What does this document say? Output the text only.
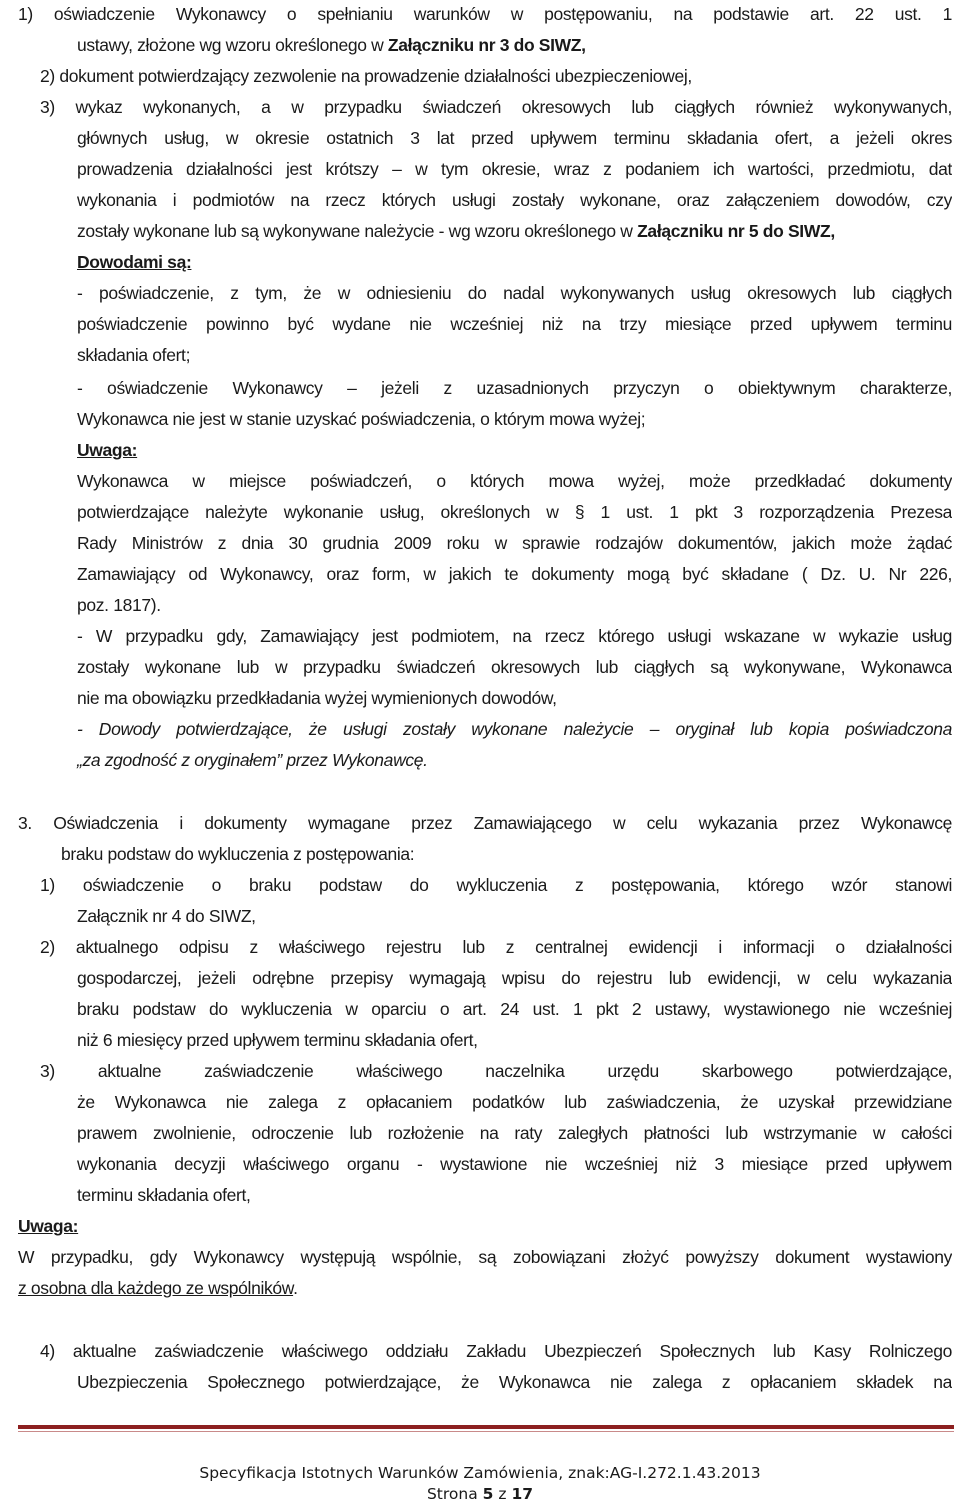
1) oświadczenie Wykonawcy o spełnianiu warunków w postępowaniu, na podstawie art. 22 ust. 1
ustawy, złożone wg wzoru określonego w Załączniku nr 3 do SIWZ,
2) dokument potwierdzający zezwolenie na prowadzenie działalności ubezpieczeniowej,
3) wykaz wykonanych, a w przypadku świadczeń okresowych lub ciągłych również wykonywanych,
głównych usług, w okresie ostatnich 3 lat przed upływem terminu składania ofert, a jeżeli okres
prowadzenia działalności jest krótszy – w tym okresie, wraz z podaniem ich wartości, przedmiotu, dat
wykonania i podmiotów na rzecz których usługi zostały wykonane, oraz załączeniem dowodów, czy
zostały wykonane lub są wykonywane należycie - wg wzoru określonego w Załączniku nr 5 do SIWZ,
Dowodami są:
- poświadczenie, z tym, że w odniesieniu do nadal wykonywanych usług okresowych lub ciągłych
poświadczenie powinno być wydane nie wcześniej niż na trzy miesiące przed upływem terminu
składania ofert;
- oświadczenie Wykonawcy – jeżeli z uzasadnionych przyczyn o obiektywnym charakterze,
Wykonawca nie jest w stanie uzyskać poświadczenia, o którym mowa wyżej;
Uwaga:
Wykonawca w miejsce poświadczeń, o których mowa wyżej, może przedkładać dokumenty
potwierdzające należyte wykonanie usług, określonych w § 1 ust. 1 pkt 3 rozporządzenia Prezesa
Rady Ministrów z dnia 30 grudnia 2009 roku w sprawie rodzajów dokumentów, jakich może żądać
Zamawiający od Wykonawcy, oraz form, w jakich te dokumenty mogą być składane ( Dz. U. Nr 226,
poz. 1817).
- W przypadku gdy, Zamawiający jest podmiotem, na rzecz którego usługi wskazane w wykazie usług
zostały wykonane lub w przypadku świadczeń okresowych lub ciągłych są wykonywane, Wykonawca
nie ma obowiązku przedkładania wyżej wymienionych dowodów,
- Dowody potwierdzające, że usługi zostały wykonane należycie – oryginał lub kopia poświadczona
„za zgodność z oryginałem” przez Wykonawcę.
3. Oświadczenia i dokumenty wymagane przez Zamawiającego w celu wykazania przez Wykonawcę
braku podstaw do wykluczenia z postępowania:
1) oświadczenie o braku podstaw do wykluczenia z postępowania, którego wzór stanowi
Załącznik nr 4 do SIWZ,
2) aktualnego odpisu z właściwego rejestru lub z centralnej ewidencji i informacji o działalności
gospodarczej, jeżeli odrębne przepisy wymagają wpisu do rejestru lub ewidencji, w celu wykazania
braku podstaw do wykluczenia w oparciu o art. 24 ust. 1 pkt 2 ustawy, wystawionego nie wcześniej
niż 6 miesięcy przed upływem terminu składania ofert,
3) aktualne zaświadczenie właściwego naczelnika urzędu skarbowego potwierdzające,
że Wykonawca nie zalega z opłacaniem podatków lub zaświadczenia, że uzyskał przewidziane
prawem zwolnienie, odroczenie lub rozłożenie na raty zaległych płatności lub wstrzymanie w całości
wykonania decyzji właściwego organu - wystawione nie wcześniej niż 3 miesiące przed upływem
terminu składania ofert,
Uwaga:
W przypadku, gdy Wykonawcy występują wspólnie, są zobowiązani złożyć powyższy dokument wystawiony
z osobna dla każdego ze wspólników.
4) aktualne zaświadczenie właściwego oddziału Zakładu Ubezpieczeń Społecznych lub Kasy Rolniczego
Ubezpieczenia Społecznego potwierdzające, że Wykonawca nie zalega z opłacaniem składek na
Specyfikacja Istotnych Warunków Zamówienia, znak:AG-I.272.1.43.2013
Strona 5 z 17
